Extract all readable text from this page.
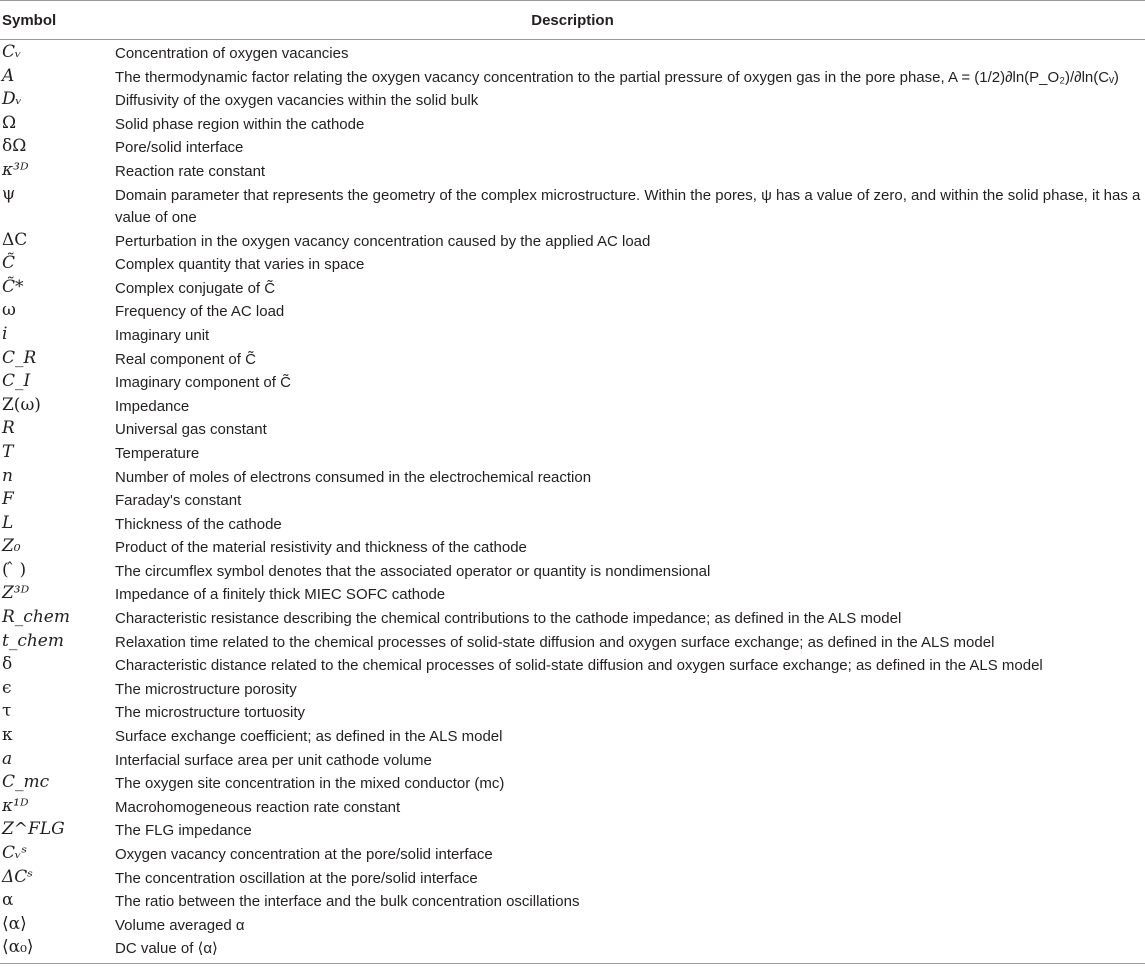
Symbol	Description
Cᵥ	Concentration of oxygen vacancies
A	The thermodynamic factor relating the oxygen vacancy concentration to the partial pressure of oxygen gas in the pore phase, A = (1/2)∂ln(P_O₂)/∂ln(Cᵥ)
Dᵥ	Diffusivity of the oxygen vacancies within the solid bulk
Ω	Solid phase region within the cathode
δΩ	Pore/solid interface
κ³ᴰ	Reaction rate constant
ψ	Domain parameter that represents the geometry of the complex microstructure. Within the pores, ψ has a value of zero, and within the solid phase, it has a value of one
ΔC	Perturbation in the oxygen vacancy concentration caused by the applied AC load
C̃	Complex quantity that varies in space
C̃*	Complex conjugate of C̃
ω	Frequency of the AC load
i	Imaginary unit
C_R	Real component of C̃
C_I	Imaginary component of C̃
Z(ω)	Impedance
R	Universal gas constant
T	Temperature
n	Number of moles of electrons consumed in the electrochemical reaction
F	Faraday's constant
L	Thickness of the cathode
Z₀	Product of the material resistivity and thickness of the cathode
( ̂ )	The circumflex symbol denotes that the associated operator or quantity is nondimensional
Z³ᴰ	Impedance of a finitely thick MIEC SOFC cathode
R_chem	Characteristic resistance describing the chemical contributions to the cathode impedance; as defined in the ALS model
t_chem	Relaxation time related to the chemical processes of solid-state diffusion and oxygen surface exchange; as defined in the ALS model
δ	Characteristic distance related to the chemical processes of solid-state diffusion and oxygen surface exchange; as defined in the ALS model
ϵ	The microstructure porosity
τ	The microstructure tortuosity
κ	Surface exchange coefficient; as defined in the ALS model
a	Interfacial surface area per unit cathode volume
C_mc	The oxygen site concentration in the mixed conductor (mc)
κ¹ᴰ	Macrohomogeneous reaction rate constant
Z^FLG	The FLG impedance
Cᵥˢ	Oxygen vacancy concentration at the pore/solid interface
ΔCˢ	The concentration oscillation at the pore/solid interface
α	The ratio between the interface and the bulk concentration oscillations
⟨α⟩	Volume averaged α
⟨α₀⟩	DC value of ⟨α⟩
